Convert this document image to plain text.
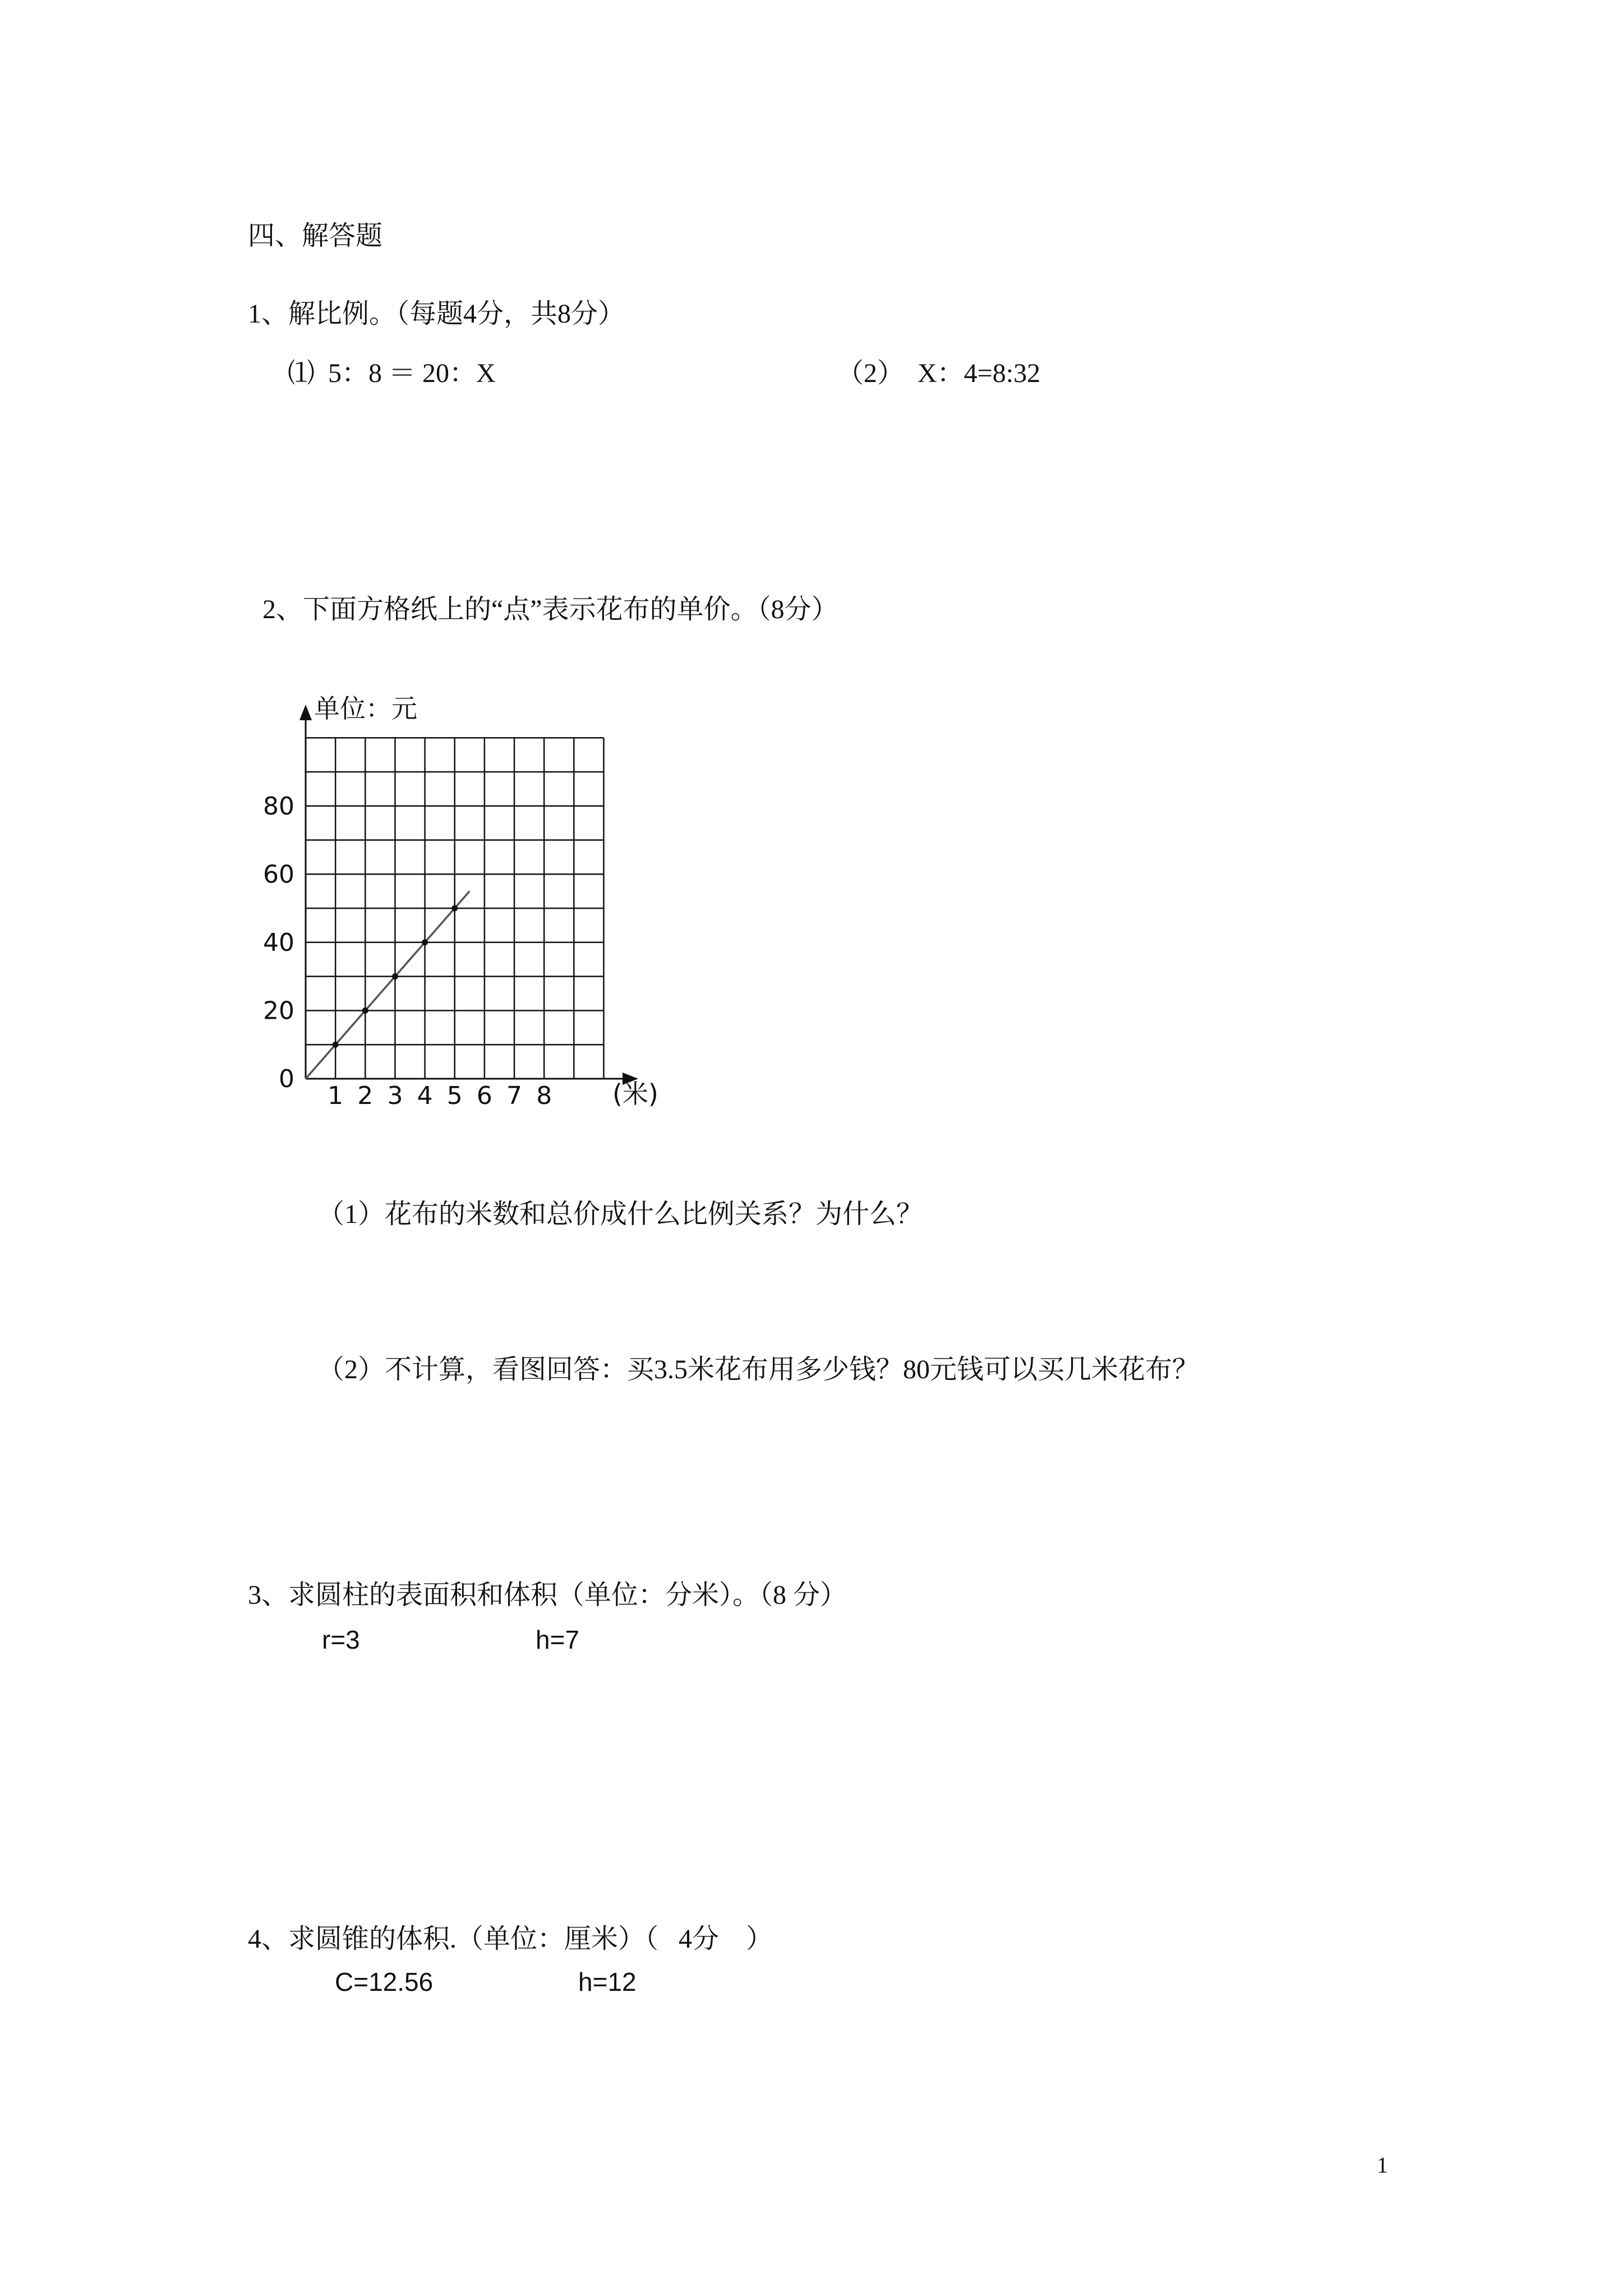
四、解答题
1、解比例。（每题4分，共8分）
⑴  5：8 ＝ 20：X	（2）  X：4=8:32
2、下面方格纸上的“点”表示花布的单价。（8分）
单位：元
(米)
1 2 3 4 5 6 7 8
0
20
40
60
80
（1）花布的米数和总价成什么比例关系？为什么？
（2）不计算，看图回答：买3.5米花布用多少钱？80元钱可以买几米花布？
3、求圆柱的表面积和体积（单位：分米）。（8 分）
r=3	h=7
4、求圆锥的体积.（单位：厘米）（   4分    ）
C=12.56	h=12
1
